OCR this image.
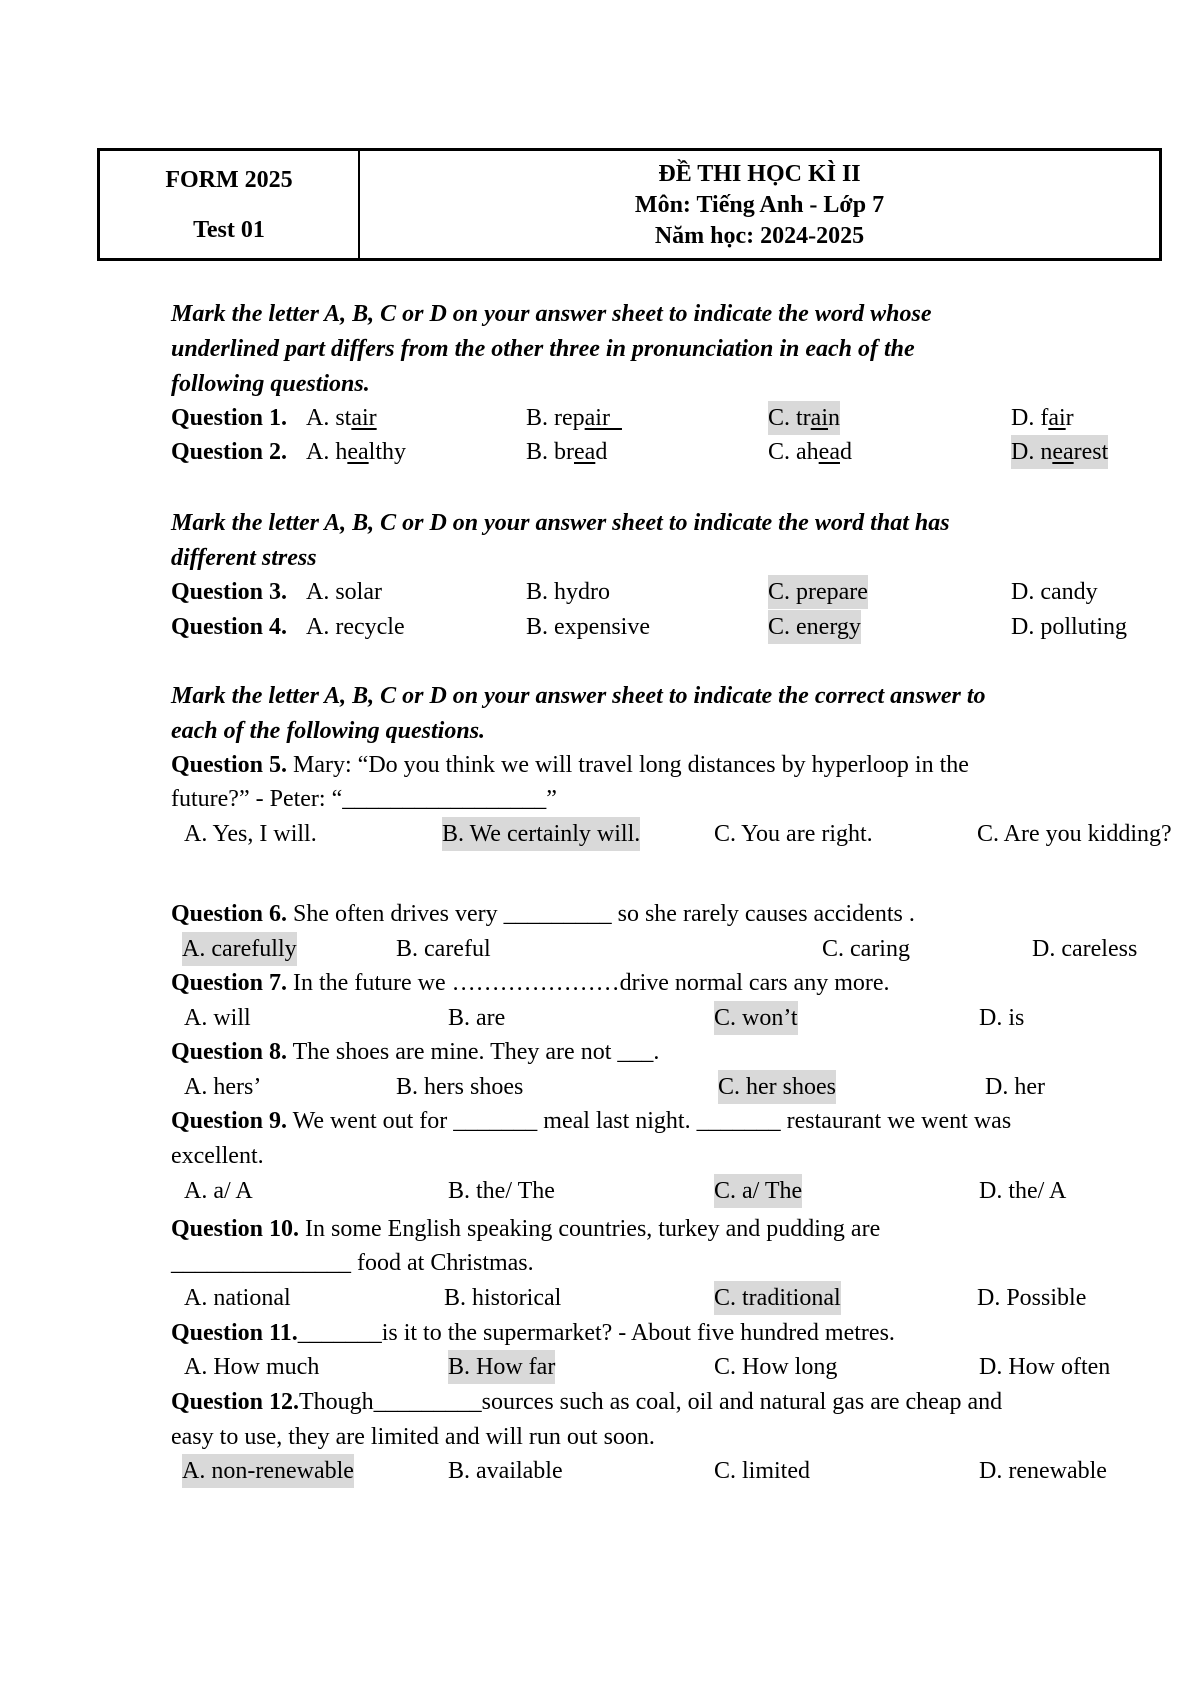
FORM 2025
Test 01
ĐỀ THI HỌC KÌ II
Môn: Tiếng Anh - Lớp 7
Năm học: 2024-2025
Mark the letter A, B, C or D on your answer sheet to indicate the word whose
underlined part differs from the other three in pronunciation in each of the
following questions.
Question 1. A. stair	B. repair	C. train	D. fair
Question 2. A. healthy	B. bread	C. ahead	D. nearest
Mark the letter A, B, C or D on your answer sheet to indicate the word that has
different stress
Question 3. A. solar	B. hydro	C. prepare	D. candy
Question 4. A. recycle	B. expensive	C. energy	D. polluting
Mark the letter A, B, C or D on your answer sheet to indicate the correct answer to
each of the following questions.
Question 5. Mary: “Do you think we will travel long distances by hyperloop in the
future?” - Peter: “_________________”
A. Yes, I will.	B. We certainly will.	C. You are right.	C. Are you kidding?
Question 6. She often drives very _________ so she rarely causes accidents .
A. carefully	B. careful	C. caring	D. careless
Question 7. In the future we …………………drive normal cars any more.
A. will	B. are	C. won’t	D. is
Question 8. The shoes are mine. They are not ___.
A. hers’	B. hers shoes	C. her shoes	D. her
Question 9. We went out for _______ meal last night. _______ restaurant we went was
excellent.
A. a/ A	B. the/ The	C. a/ The	D. the/ A
Question 10. In some English speaking countries, turkey and pudding are
_______________ food at Christmas.
A. national	B. historical	C. traditional	D. Possible
Question 11._______is it to the supermarket? - About five hundred metres.
A. How much	B. How far	C. How long	D. How often
Question 12.Though_________sources such as coal, oil and natural gas are cheap and
easy to use, they are limited and will run out soon.
A. non-renewable	B. available	C. limited	D. renewable
